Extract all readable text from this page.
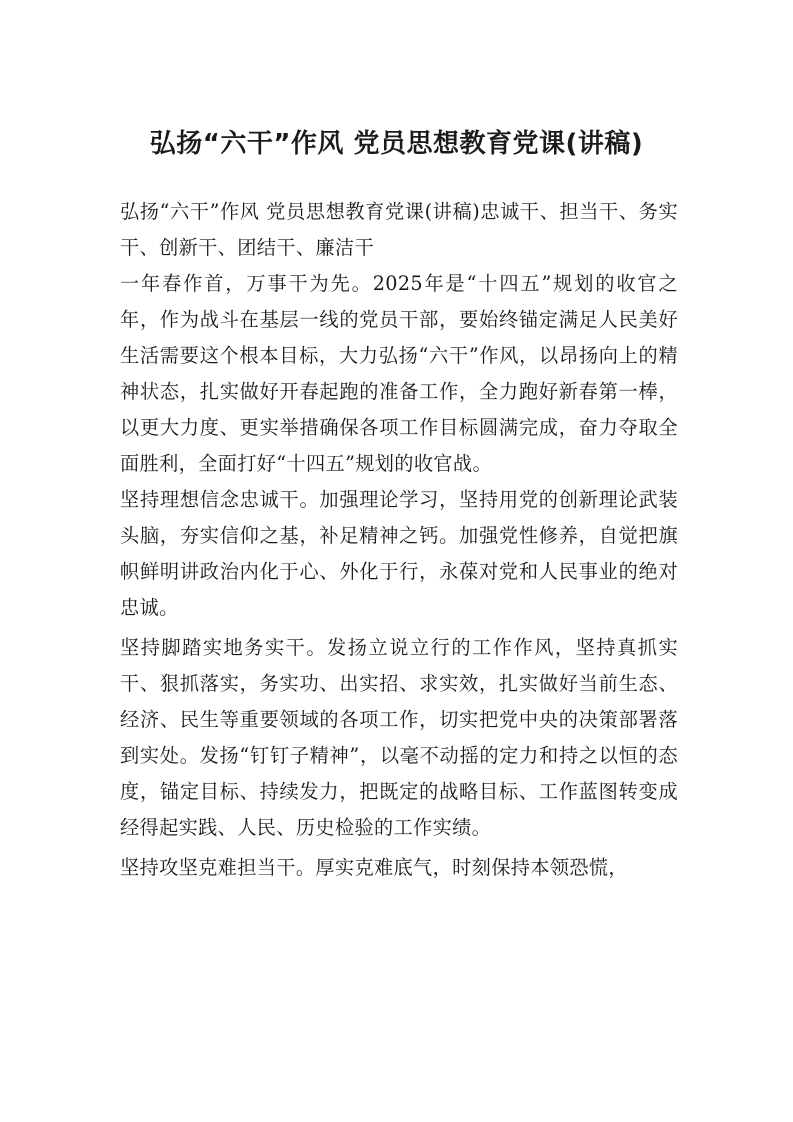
弘扬“六干”作风 党员思想教育党课(讲稿)

弘扬“六干”作风 党员思想教育党课(讲稿)忠诚干、担当干、务实干、创新干、团结干、廉洁干

一年春作首，万事干为先。2025年是“十四五”规划的收官之年，作为战斗在基层一线的党员干部，要始终锚定满足人民美好生活需要这个根本目标，大力弘扬“六干”作风，以昂扬向上的精神状态，扎实做好开春起跑的准备工作，全力跑好新春第一棒，以更大力度、更实举措确保各项工作目标圆满完成，奋力夺取全面胜利，全面打好“十四五”规划的收官战。

坚持理想信念忠诚干。加强理论学习，坚持用党的创新理论武装头脑，夯实信仰之基，补足精神之钙。加强党性修养，自觉把旗帜鲜明讲政治内化于心、外化于行，永葆对党和人民事业的绝对忠诚。

坚持脚踏实地务实干。发扬立说立行的工作作风，坚持真抓实干、狠抓落实，务实功、出实招、求实效，扎实做好当前生态、经济、民生等重要领域的各项工作，切实把党中央的决策部署落到实处。发扬“钉钉子精神”，以毫不动摇的定力和持之以恒的态度，锚定目标、持续发力，把既定的战略目标、工作蓝图转变成经得起实践、人民、历史检验的工作实绩。

坚持攻坚克难担当干。厚实克难底气，时刻保持本领恐慌，
